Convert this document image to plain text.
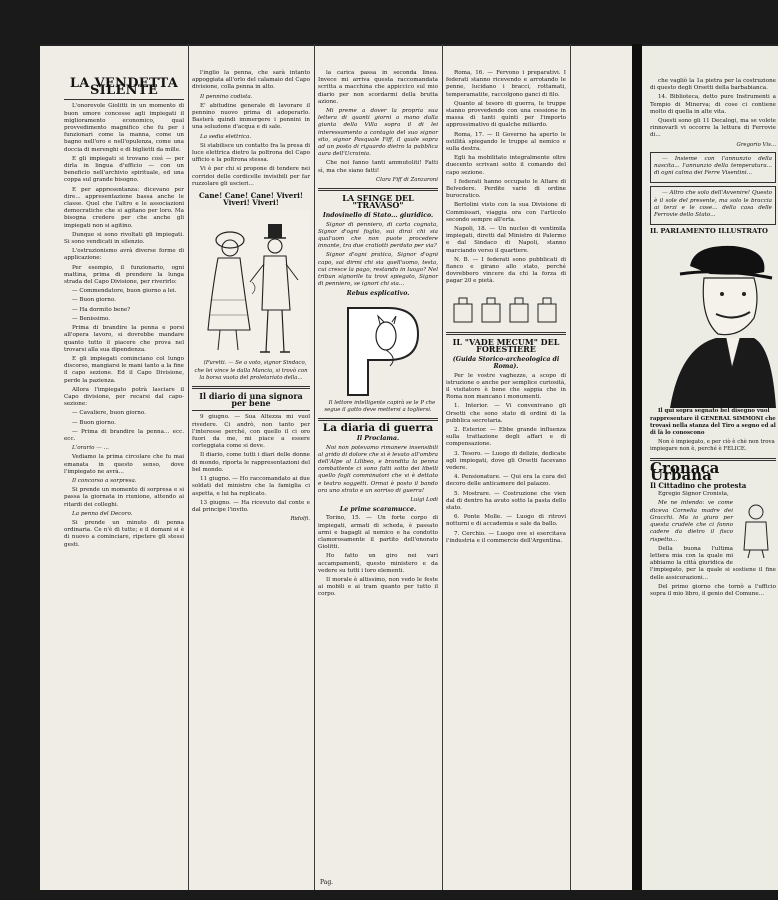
LA VENDETTA SILENTE

L'onorevole Giolitti in un momento di buon umore concesse agli impiegati il miglioramento economico, qual provvedimento magnifico che fu per i funzionari come la manna, come un bagno nell'oro e nell'opulenza, come una doccia di merenghi e di biglietti da mille.

E gli impiegati si trovano così — per dirla in lingua d'ufficio — con un beneficio nell'archivio spirituale, ed una coppa sul grande bisogno.

E per appresentanza: dicevano per dire... appresentazione bassa anche le classe. Quel che l'altro e le associazioni democratiche che si agitano per loro. Ma bisogna credere per che anche gli impiegati non si agitino.

Dunque si sono rivoltati gli impiegati. Si sono vendicati in silenzio.

L'ostruzionismo avrà diverse forme di applicazione:

Per esempio, il funzionario, ogni mattina, prima di prendere la lunga strada del Capo Divisione, per riverirlo:

— Commendatore, buon giorno a lei.

— Buon giorno.

— Ha dormito bene?

— Benissimo.

Prima di brandire la penna e porsi all'opera lavoro, si dovrebbe mandare quanto tutto il piacere che prova nel trovarsi alla sua dipendenza.

E gli impiegati cominciano col lungo discorso, mangiarsi le mani tanto a la fine il capo sezione. Ed il Capo Divisione, perde la pazienza.

Allora l'impiegato potrà lasciare il Capo divisione, per recarsi dal capo-sezione:

— Cavaliere, buon giorno.

— Buon giorno.

— Prima di brandire la penna... ecc. ecc.

L'orario — ...

Vediamo la prima circolare che fu mai emanata in questo senso, dove l'impiegato ne avrà...

Il concorso a sorpresa.

Si prende un momento di sorpresa e si passa la giornata in riunione, attendo ai ritardi dei colleghi.

La penna del Decoro.

Si prende un minuto di penna ordinaria. Ce n'è di tutte; e il domani si è di nuovo a cominciare, ripetere gli stessi gesti.

l'inglio la penna, che sarà intanto appoggiata all'orlo del calamaio del Capo divisione, colla penna in alto.

Il pennino codista.

E' abitudine generale di lavorare il pennino nuovo prima di adoperarlo. Basterà quindi immergere i pennini in una soluzione d'acqua e di sale.

La sedia elettrica.

Si stabilisce un contatto fra la presa di luce elettrica dietro la poltrona del Capo ufficio e la poltrona stessa.

Vi è per chi si propone di tendere nei corridoi delle cordicelle invisibili per far ruzzolare gli uscieri...

Cane! Cane! Cane! Viveri! Viveri! Viveri!

(Furetti. — Se a voto, signor Sindaco, che lei vince le dalla Mancia, si trovò con la borsa vuota del proletariato della...

Il diario di una signora per bene

9 giugno. — Sua Altezza mi vuol rivedere. Ci andrò, non tanto per l'interesse perché, con quello il ci oro fuori da me, mi piace a essere corteggiata come si deve.

Il diario, come tutti i diari delle donne di mondo, riporta le rappresentazioni del bel mondo.

11 giugno. — Ho raccomandato ai due soldati del ministro che la famiglia ci aspetta, e lui ha replicato.

13 giugno. — Ha ricevuto dal conte e dal principe l'invito.

Ridolfi.

la carica passa in seconda linea. Invece mi arriva questa raccomandata scritta a macchina che appiccico sul mio diario per non scordarmi della brutta azione.

Mi preme a dover la propria sua lettera di quanti giorni a mano dalla giunta della Villa sopra il di lei interessamento a contagio del suo signor sito, signor Pasquale Fiff, il quale sopra ad un posto di riguardo dietro la pubblica aura dell'Ucrainia.

Che noi fanno tanti ammutoliti! Fatti sì, ma che siano fatti!

Clara Fiff di Zanzaroni
LA SFINGE DEL "TRAVASO"
Indovinello di Stato... giuridico.

Signor di penniero, di carta cognata, Signor d'ogni foglio, sui dirai chi sia qual'uom che non puote procedere innante, tra due cratiotti perduto per via?

Signor d'ogni pratica, Signor d'ogni capo, sai dirmi chi sia quell'uomo, testa, cui cresce la pago, restando in luogo? Nel tribun signorile tu trovi spiegato, Signor di penniero, se ignori chi sia...

Rebus esplicativo.

Il lettore intelligente capirà se le P che segue il gatto deve mettersi a togliersi.

La diaria di guerra
Il Proclama.

Noi non potevamo rimanere insensibili al grido di dolore che si è levato all'ombra dell'Alpe al Lilibeo, e brandita la penna combattente ci sono fatti sotto dei libelli quello fogli comminatori che vi è dettato e teatro soggetti. Ormai è posto il bando ora uno strato e un sorriso di guerra!

Luigi Lodi
Le prime scaramucce.

Torino, 15. — Un forte corpo di impiegati, armati di scheda, è passato armi e bagagli al nemico e ha condotto clamorosamente il partito dell'onorato Giolitti.

Ho fatto un giro nei vari accampamenti, questo ministero e da vedere su tutti i loro elementi.

Il morale è altissimo, non vedo le feste ai mobili e ai tram quanto per tutto il corpo.

Roma, 16. — Fervono i preparativi. I federati stanno ricevendo e arrotando le penne, lucidano i bracci, rottamati, temperamatite, raccolgono ganci di filo.

Quanto al tesoro di guerra, le truppe stanno provvedendo con una cessione in massa di tanti quinti per l'importo approssimativo di qualche miliardo.

Roma, 17. — Il Governo ha aperto le ostilità spiegando le truppe al nemico e sulla destra.

Egli ha mobilitato integralmente oltre duecento scrivani sotto il comando del capo sezione.

I federati hanno occupato le Altare di Belvedere. Perdite varie di ordine burocratico.

Bertolini visto con la sua Divisione di Commissari, viaggia ora con l'articolo secondo sempre all'erta.

Napoli, 18. — Un nucleo di ventimila impiegati, diretti dal Ministro di Palermo e dal Sindaco di Napoli, stanno marciando verso il quartiere.

N. B. — I federati sono pubblicati di fianco e girano allo stato, perché dovrebbero vincere da chi la forza di pagar 20 e pietà.

IL "VADE MECUM" DEL FORESTIERE
(Guida Storico-archeologica di Roma).

Per le vostre vaghezze, a scopo di istruzione o anche per semplice curiosità, il visitatore è bene che sappia che in Roma non mancano i monumenti.

1. Interior. — Vi convenivano gli Orsetti che sono stato di ordini di la pubblica secretaria.

2. Esterior. — Ebbe grande influenza sulla trattazione degli affari e di compensazione.

3. Tesoro. — Luogo di delizie, dedicate agli impiegati, dove gli Orsetti facevano vedere.

4. Pensionature. — Qui era la cura del decoro delle anticamere del palazzo.

5. Mostrare. — Costruzione che vien dal di dentro ha avuto sotto la pasta dello stato.

6. Ponte Molle. — Luogo di ritrovi notturni e di accademia e sale da ballo.

7. Cerchio. — Luogo ove si esercitava l'industria e il commercio dell'Argentina.

Pag.

che vagliò la 1a pietra per la costruzione di questo degli Orsetti della barbabianca.

14. Biblioteca, detto pure Instrumenti a Tempio di Minerva; di cose ci contiene molto di quella in alte vita.

Questi sono gli 11 Decalogi, ma se volete rinnovarli vi occorre la lettura di Ferrovie di...

Gregorio Vis...

— Insieme con l'annunzio della nascita... l'annunzio della temperatura... di ogni calma dei Ferre Visentini...

— Altro che solo dell'Avvenire! Questo è il sole del presente, ma solo le braccia ai terzi e le cose... della casa delle Ferrovie dello Stato...

IL PARLAMENTO ILLUSTRATO

Il qui sopra segnato bel disegno vuol rappresentare il GENERAL SIMMONI che trovasi nella stanza del Tiro a segno ed al di là lo conoscono

Non è impiegato, e per ciò è chè non trova impiegare non è, perché è FELICE.

Cronaca Urbana
Il Cittadino che protesta

Egregio Signor Cronista,

Me ne intendo: ve come diceva Cornelia madre dei Gracchi. Ma io giuro per questa crudele che ci fanno cadere da dietro il fisco rispetto...

Della buona l'ultima lettera mia con la quale mi abbiamo la città giuridica de l'impiegato, per la quale si sostiene il fine delle assicurazioni...

Del primo giorno che tornò a l'ufficio sopra il mio libro, il genio del Comune...
